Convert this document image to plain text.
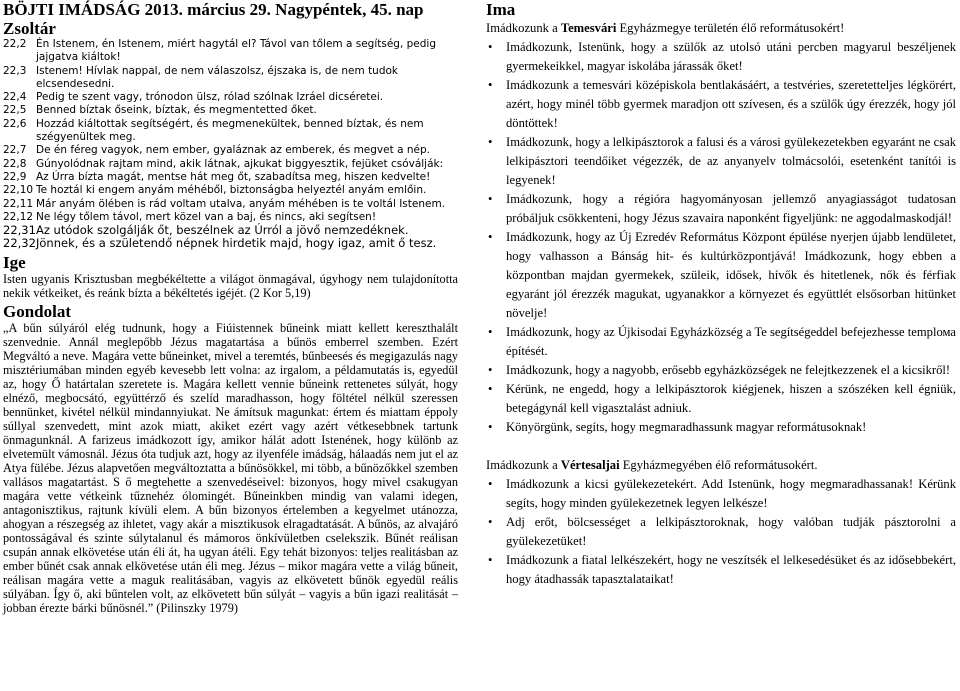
BÖJTI IMÁDSÁG 2013. március 29. Nagypéntek, 45. nap
Zsoltár
22,2 Én Istenem, én Istenem, miért hagytál el? Távol van tőlem a segítség, pedig jajgatva kiáltok!
22,3 Istenem! Hívlak nappal, de nem válaszolsz, éjszaka is, de nem tudok elcsendesedni.
22,4 Pedig te szent vagy, trónodon ülsz, rólad szólnak Izráel dicséretei.
22,5 Benned bíztak őseink, bíztak, és megmentetted őket.
22,6 Hozzád kiáltottak segítségért, és megmenekültek, benned bíztak, és nem szégyenültek meg.
22,7 De én féreg vagyok, nem ember, gyaláznak az emberek, és megvet a nép.
22,8 Gúnyolódnak rajtam mind, akik látnak, ajkukat biggyesztik, fejüket csóválják:
22,9 Az Úrra bízta magát, mentse hát meg őt, szabadítsa meg, hiszen kedvelte!
22,10 Te hoztál ki engem anyám méhéből, biztonságba helyeztél anyám emlőin.
22,11 Már anyám ölében is rád voltam utalva, anyám méhében is te voltál Istenem.
22,12 Ne légy tőlem távol, mert közel van a baj, és nincs, aki segítsen!
22,31 Az utódok szolgálják őt, beszélnek az Úrról a jövő nemzedéknek.
22,32 Jönnek, és a születendő népnek hirdetik majd, hogy igaz, amit ő tesz.
Ige

Isten ugyanis Krisztusban megbékéltette a világot önmagával, úgyhogy nem tulajdonította nekik vétkeiket, és reánk bízta a békéltetés igéjét. (2 Kor 5,19)

Gondolat

„A bűn súlyáról elég tudnunk, hogy a Fiúistennek bűneink miatt kellett kereszthalált szenvednie. Annál meglepőbb Jézus magatartása a bűnös emberrel szemben. Ezért Megváltó a neve. Magára vette bűneinket, mivel a teremtés, bűnbeesés és megigazulás nagy misztériumában minden egyéb kevesebb lett volna: az irgalom, a példamutatás is, egyedül az, hogy Ő határtalan szeretete is. Magára kellett vennie bűneink rettenetes súlyát, hogy elnéző, megbocsátó, együttérző és szelíd maradhasson, hogy föltétel nélkül szeressen bennünket, kivétel nélkül mindannyiukat. Ne ámítsuk magunkat: értem és miattam éppoly súllyal szenvedett, mint azok miatt, akiket ezért vagy azért vétkesebbnek tartunk önmagunknál. A farizeus imádkozott így, amikor hálát adott Istenének, hogy különb az elvetemült vámosnál. Jézus óta tudjuk azt, hogy az ilyenféle imádság, hálaadás nem jut el az Atya fülébe. Jézus alapvetően megváltoztatta a bűnösökkel, mi több, a bűnözőkkel szemben vallásos magatartást. S ő megtehette a szenvedéseivel: bizonyos, hogy mivel csakugyan magára vette vétkeink tűznehéz ólomingét. Bűneinkben mindig van valami idegen, antagonisztikus, rajtunk kívüli elem. A bűn bizonyos értelemben a kegyelmet utánozza, ahogyan a részegség az ihletet, vagy akár a misztikusok elragadtatását. A bűnös, az alvajáró pontosságával és szinte súlytalanul és mámoros önkívületben cselekszik. Bűnét reálisan csupán annak elkövetése után éli át, ha ugyan átéli. Egy tehát bizonyos: teljes realitásban az ember bűnét csak annak elkövetése után éli meg. Jézus – mikor magára vette a világ bűneit, reálisan magára vette a maguk realitásában, vagyis az elkövetett bűnök egyedül reális súlyában. Így ő, aki bűntelen volt, az elkövetett bűn súlyát – vagyis a bűn igazi realitását – jobban érezte bárki bűnösnél.” (Pilinszky 1979)

Ima

Imádkozunk a Temesvári Egyházmegye területén élő reformátusokért!

• Imádkozunk, Istenünk, hogy a szülők az utolsó utáni percben magyarul beszéljenek gyermekeikkel, magyar iskolába járassák őket!
• Imádkozunk a temesvári középiskola bentlakásáért, a testvéries, szeretetteljes légkörért, azért, hogy minél több gyermek maradjon ott szívesen, és a szülők úgy érezzék, hogy jól döntöttek!
• Imádkozunk, hogy a lelkipásztorok a falusi és a városi gyülekezetekben egyaránt ne csak lelkipásztori teendőiket végezzék, de az anyanyelv tolmácsolói, esetenként tanítói is legyenek!
• Imádkozunk, hogy a régióra hagyományosan jellemző anyagiasságot tudatosan próbáljuk csökkenteni, hogy Jézus szavaira naponként figyeljünk: ne aggodalmaskodjál!
• Imádkozunk, hogy az Új Ezredév Református Központ épülése nyerjen újabb lendületet, hogy valhasson a Bánság hit- és kultúrközpontjává! Imádkozunk, hogy ebben a központban majdan gyermekek, szüleik, idősek, hívők és hitetlenek, nők és férfiak egyaránt jól érezzék magukat, ugyanakkor a környezet és együttlét elsősorban hitünket növelje!
• Imádkozunk, hogy az Újkisodai Egyházközség a Te segítségeddel befejezhesse templома építését.
• Imádkozunk, hogy a nagyobb, erősebb egyházközségek ne felejtkezzenek el a kicsikről!
• Kérünk, ne engedd, hogy a lelkipásztorok kiégjenek, hiszen a szószéken kell égniük, betegágynál kell vigasztalást adniuk.
• Könyörgünk, segíts, hogy megmaradhassunk magyar reformátusoknak!

Imádkozunk a Vértesaljai Egyházmegyében élő reformátusokért.

• Imádkozunk a kicsi gyülekezetekért. Add Istenünk, hogy megmaradhassanak! Kérünk segíts, hogy minden gyülekezetnek legyen lelkésze!
• Adj erőt, bölcsességet a lelkipásztoroknak, hogy valóban tudják pásztorolni a gyülekezetüket!
• Imádkozunk a fiatal lelkészekért, hogy ne veszítsék el lelkesedésüket és az idősebbekért, hogy átadhassák tapasztalataikat!
